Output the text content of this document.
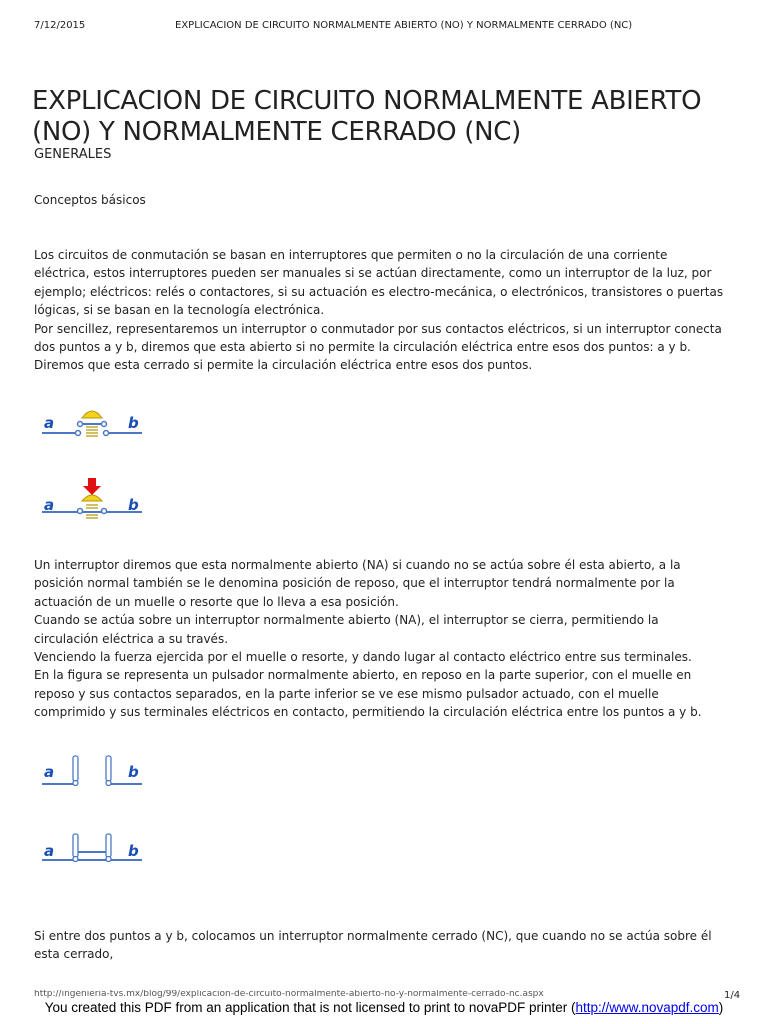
7/12/2015	EXPLICACION DE CIRCUITO NORMALMENTE ABIERTO (NO) Y NORMALMENTE CERRADO (NC)
EXPLICACION DE CIRCUITO NORMALMENTE ABIERTO (NO) Y NORMALMENTE CERRADO (NC)
GENERALES
Conceptos básicos

Los circuitos de conmutación se basan en interruptores que permiten o no la circulación de una corriente eléctrica, estos interruptores pueden ser manuales si se actúan directamente, como un interruptor de la luz, por ejemplo; eléctricos: relés o contactores, si su actuación es electro-mecánica, o electrónicos, transistores o puertas lógicas, si se basan en la tecnología electrónica.
Por sencillez, representaremos un interruptor o conmutador por sus contactos eléctricos, si un interruptor conecta dos puntos a y b, diremos que esta abierto si no permite la circulación eléctrica entre esos dos puntos: a y b. Diremos que esta cerrado si permite la circulación eléctrica entre esos dos puntos.

a	b
a	b

Un interruptor diremos que esta normalmente abierto (NA) si cuando no se actúa sobre él esta abierto, a la posición normal también se le denomina posición de reposo, que el interruptor tendrá normalmente por la actuación de un muelle o resorte que lo lleva a esa posición.
Cuando se actúa sobre un interruptor normalmente abierto (NA), el interruptor se cierra, permitiendo la circulación eléctrica a su través.
Venciendo la fuerza ejercida por el muelle o resorte, y dando lugar al contacto eléctrico entre sus terminales.
En la figura se representa un pulsador normalmente abierto, en reposo en la parte superior, con el muelle en reposo y sus contactos separados, en la parte inferior se ve ese mismo pulsador actuado, con el muelle comprimido y sus terminales eléctricos en contacto, permitiendo la circulación eléctrica entre los puntos a y b.

a	b
a	b

Si entre dos puntos a y b, colocamos un interruptor normalmente cerrado (NC), que cuando no se actúa sobre él esta cerrado,

http://ingenieria-tvs.mx/blog/99/explicacion-de-circuito-normalmente-abierto-no-y-normalmente-cerrado-nc.aspx	1/4
You created this PDF from an application that is not licensed to print to novaPDF printer (http://www.novapdf.com)
